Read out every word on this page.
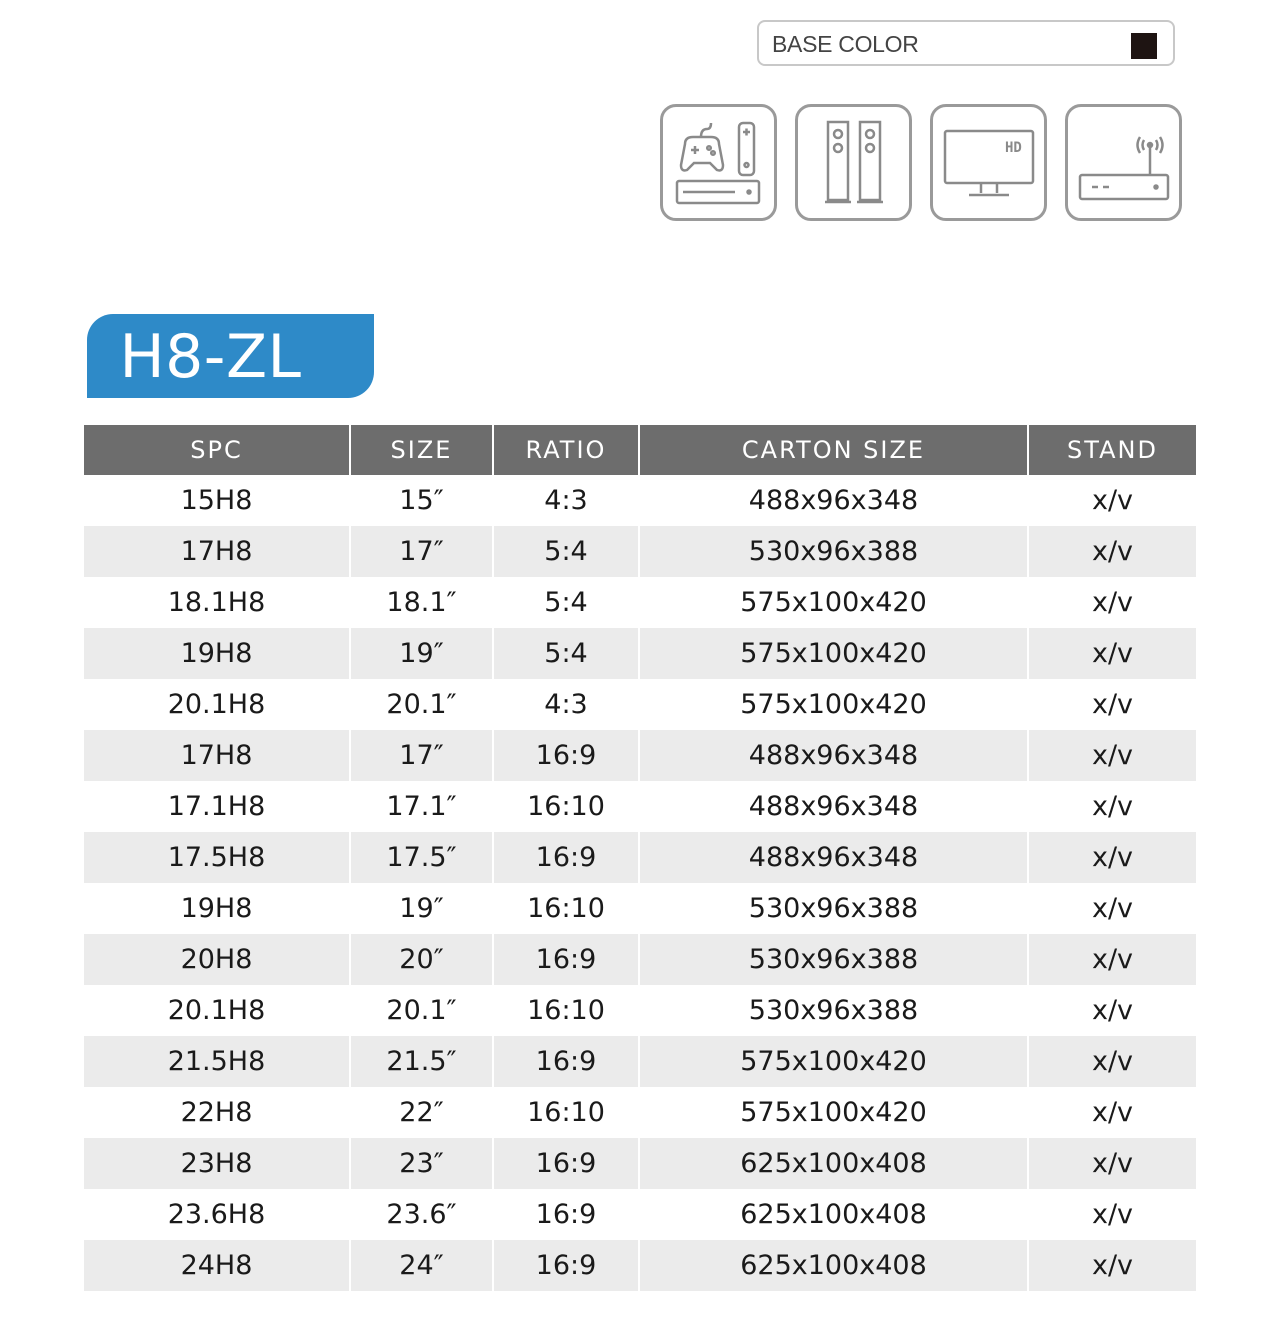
BASE COLOR
HD
H8-ZL
SPC	SIZE	RATIO	CARTON SIZE	STAND
15H8	15″	4:3	488x96x348	x/v
17H8	17″	5:4	530x96x388	x/v
18.1H8	18.1″	5:4	575x100x420	x/v
19H8	19″	5:4	575x100x420	x/v
20.1H8	20.1″	4:3	575x100x420	x/v
17H8	17″	16:9	488x96x348	x/v
17.1H8	17.1″	16:10	488x96x348	x/v
17.5H8	17.5″	16:9	488x96x348	x/v
19H8	19″	16:10	530x96x388	x/v
20H8	20″	16:9	530x96x388	x/v
20.1H8	20.1″	16:10	530x96x388	x/v
21.5H8	21.5″	16:9	575x100x420	x/v
22H8	22″	16:10	575x100x420	x/v
23H8	23″	16:9	625x100x408	x/v
23.6H8	23.6″	16:9	625x100x408	x/v
24H8	24″	16:9	625x100x408	x/v
